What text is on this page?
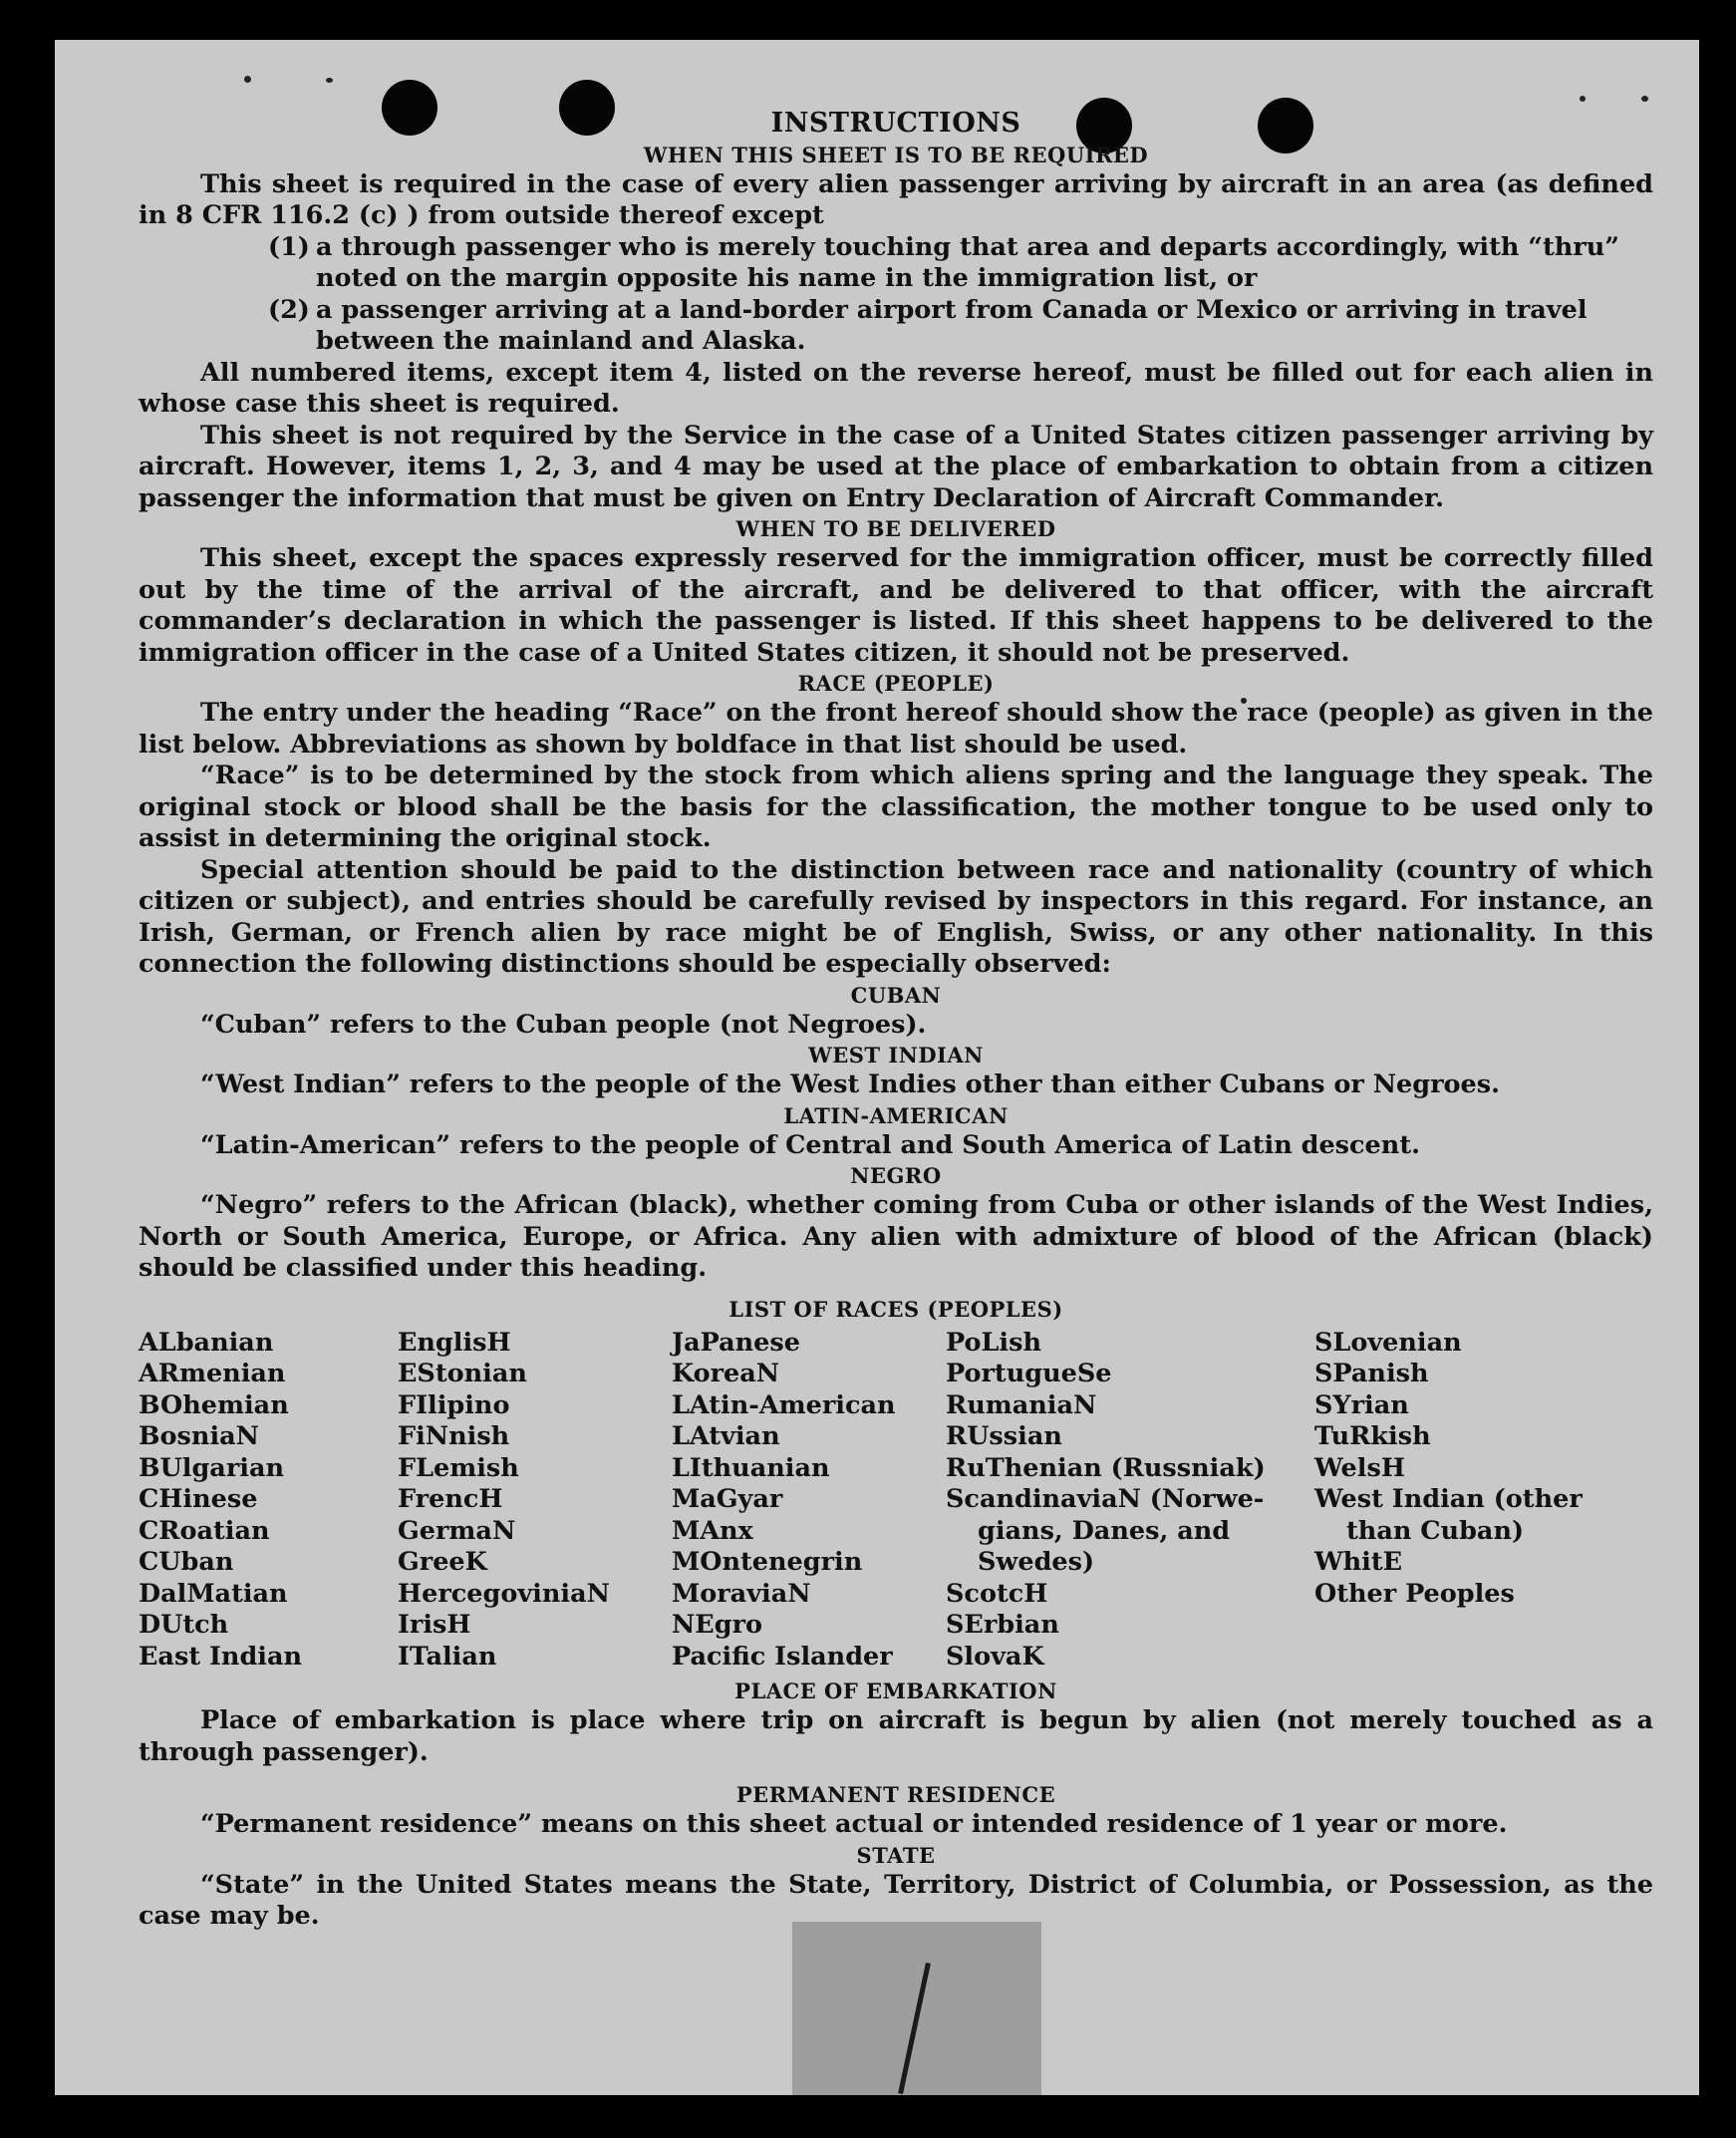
INSTRUCTIONS
WHEN THIS SHEET IS TO BE REQUIRED

This sheet is required in the case of every alien passenger arriving by aircraft in an area (as defined in 8 CFR 116.2 (c) ) from outside thereof except

(1) a through passenger who is merely touching that area and departs accordingly, with “thru”
noted on the margin opposite his name in the immigration list, or
(2) a passenger arriving at a land-border airport from Canada or Mexico or arriving in travel
between the mainland and Alaska.

All numbered items, except item 4, listed on the reverse hereof, must be filled out for each alien in whose case this sheet is required.

This sheet is not required by the Service in the case of a United States citizen passenger arriving by aircraft. However, items 1, 2, 3, and 4 may be used at the place of embarkation to obtain from a citizen passenger the information that must be given on Entry Declaration of Aircraft Commander.

WHEN TO BE DELIVERED

This sheet, except the spaces expressly reserved for the immigration officer, must be correctly filled out by the time of the arrival of the aircraft, and be delivered to that officer, with the aircraft commander’s declaration in which the passenger is listed. If this sheet happens to be delivered to the immigration officer in the case of a United States citizen, it should not be preserved.

RACE (PEOPLE)

The entry under the heading “Race” on the front hereof should show the race (people) as given in the list below. Abbreviations as shown by boldface in that list should be used.

“Race” is to be determined by the stock from which aliens spring and the language they speak. The original stock or blood shall be the basis for the classification, the mother tongue to be used only to assist in determining the original stock.

Special attention should be paid to the distinction between race and nationality (country of which citizen or subject), and entries should be carefully revised by inspectors in this regard. For instance, an Irish, German, or French alien by race might be of English, Swiss, or any other nationality. In this connection the following distinctions should be especially observed:

CUBAN

“Cuban” refers to the Cuban people (not Negroes).

WEST INDIAN

“West Indian” refers to the people of the West Indies other than either Cubans or Negroes.

LATIN-AMERICAN

“Latin-American” refers to the people of Central and South America of Latin descent.

NEGRO

“Negro” refers to the African (black), whether coming from Cuba or other islands of the West Indies, North or South America, Europe, or Africa. Any alien with admixture of blood of the African (black) should be classified under this heading.

LIST OF RACES (PEOPLES)
ALbanian
ARmenian
BOhemian
BosniaN
BUlgarian
CHinese
CRoatian
CUban
DalMatian
DUtch
East Indian
EnglisH
EStonian
FIlipino
FiNnish
FLemish
FrencH
GermaN
GreeK
HercegoviniaN
IrisH
ITalian
JaPanese
KoreaN
LAtin-American
LAtvian
LIthuanian
MaGyar
MAnx
MOntenegrin
MoraviaN
NEgro
Pacific Islander
PoLish
PortugueSe
RumaniaN
RUssian
RuThenian (Russniak)
ScandinaviaN (Norwe-
gians, Danes, and Swedes)
ScotcH
SErbian
SlovaK
SLovenian
SPanish
SYrian
TuRkish
WelsH
West Indian (other
than Cuban)
WhitE
Other Peoples
PLACE OF EMBARKATION

Place of embarkation is place where trip on aircraft is begun by alien (not merely touched as a through passenger).

PERMANENT RESIDENCE

“Permanent residence” means on this sheet actual or intended residence of 1 year or more.

STATE

“State” in the United States means the State, Territory, District of Columbia, or Possession, as the case may be.
